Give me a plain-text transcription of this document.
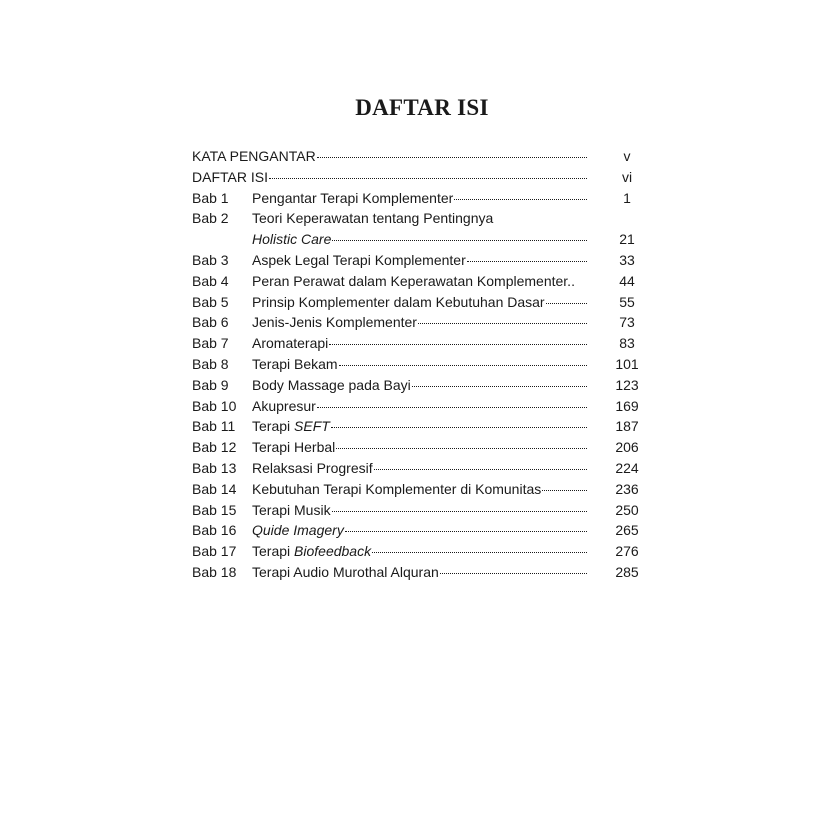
DAFTAR ISI
KATA PENGANTAR	v
DAFTAR ISI	vi
Bab 1 Pengantar Terapi Komplementer	1
Bab 2 Teori Keperawatan tentang Pentingnya
Holistic Care	21
Bab 3 Aspek Legal Terapi Komplementer	33
Bab 4 Peran Perawat dalam Keperawatan Komplementer..	44
Bab 5 Prinsip Komplementer dalam Kebutuhan Dasar	55
Bab 6 Jenis-Jenis Komplementer	73
Bab 7 Aromaterapi	83
Bab 8 Terapi Bekam	101
Bab 9 Body Massage pada Bayi	123
Bab 10 Akupresur	169
Bab 11 Terapi SEFT	187
Bab 12 Terapi Herbal	206
Bab 13 Relaksasi Progresif	224
Bab 14 Kebutuhan Terapi Komplementer di Komunitas	236
Bab 15 Terapi Musik	250
Bab 16 Quide Imagery	265
Bab 17 Terapi Biofeedback	276
Bab 18 Terapi Audio Murothal Alquran	285
